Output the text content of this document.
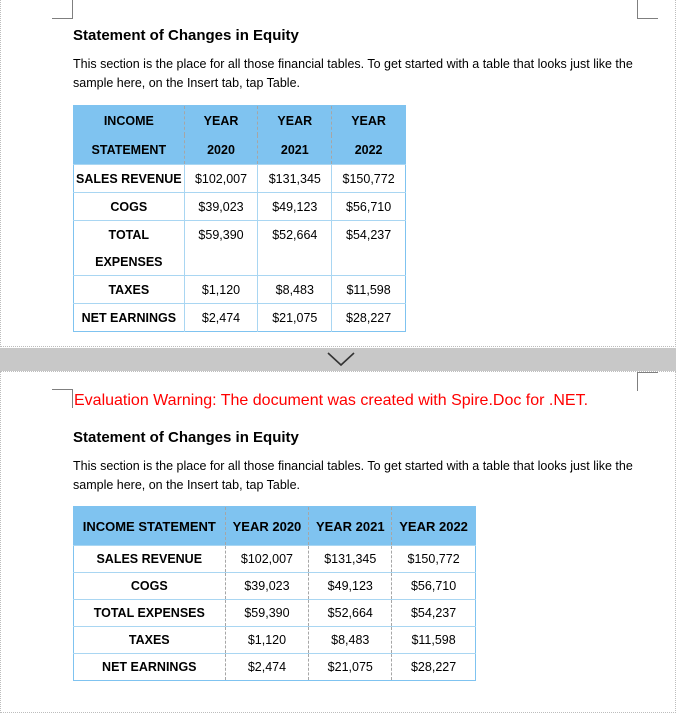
Statement of Changes in Equity
This section is the place for all those financial tables. To get started with a table that looks just like the sample here, on the Insert tab, tap Table.
INCOME	YEAR	YEAR	YEAR
STATEMENT	2020	2021	2022
SALES REVENUE	$102,007	$131,345	$150,772
COGS	$39,023	$49,123	$56,710
TOTAL	$59,390	$52,664	$54,237
EXPENSES			
TAXES	$1,120	$8,483	$11,598
NET EARNINGS	$2,474	$21,075	$28,227
Evaluation Warning: The document was created with Spire.Doc for .NET.
Statement of Changes in Equity
This section is the place for all those financial tables. To get started with a table that looks just like the sample here, on the Insert tab, tap Table.
INCOME STATEMENT	YEAR 2020	YEAR 2021	YEAR 2022
SALES REVENUE	$102,007	$131,345	$150,772
COGS	$39,023	$49,123	$56,710
TOTAL EXPENSES	$59,390	$52,664	$54,237
TAXES	$1,120	$8,483	$11,598
NET EARNINGS	$2,474	$21,075	$28,227
